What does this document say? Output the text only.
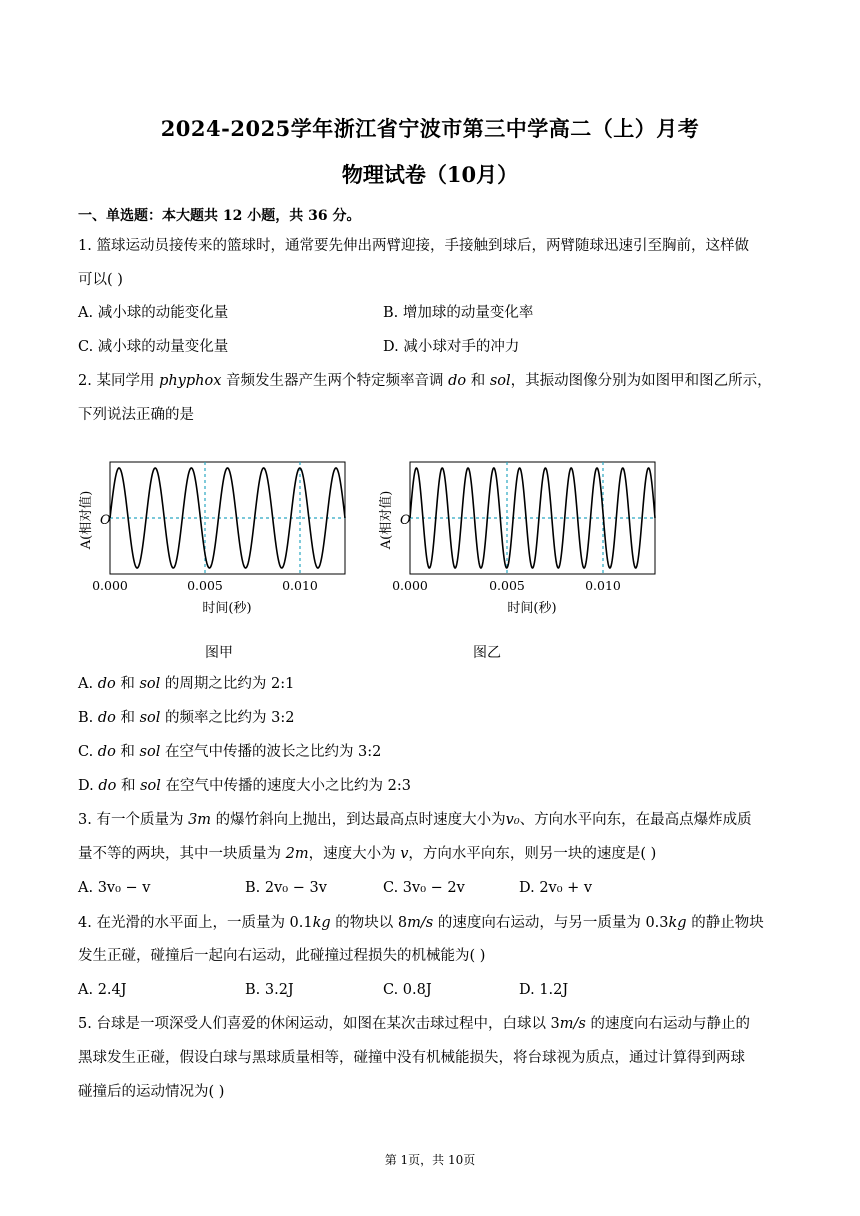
2024-2025学年浙江省宁波市第三中学高二（上）月考
物理试卷（10月）
一、单选题：本大题共 12 小题，共 36 分。
1. 篮球运动员接传来的篮球时，通常要先伸出两臂迎接，手接触到球后，两臂随球迅速引至胸前，这样做
可以( )
A. 减小球的动能变化量	B. 增加球的动量变化率
C. 减小球的动量变化量	D. 减小球对手的冲力
2. 某同学用 phyphox 音频发生器产生两个特定频率音调 do 和 sol，其振动图像分别为如图甲和图乙所示，
下列说法正确的是
A(相对值) O
0.000	0.005	0.010
时间(秒)
图甲
A(相对值) O
0.000	0.005	0.010
时间(秒)
图乙
A. do 和 sol 的周期之比约为 2:1
B. do 和 sol 的频率之比约为 3:2
C. do 和 sol 在空气中传播的波长之比约为 3:2
D. do 和 sol 在空气中传播的速度大小之比约为 2:3
3. 有一个质量为 3m 的爆竹斜向上抛出，到达最高点时速度大小为v₀、方向水平向东，在最高点爆炸成质
量不等的两块，其中一块质量为 2m，速度大小为 v，方向水平向东，则另一块的速度是( )
A. 3v₀ − v	B. 2v₀ − 3v	C. 3v₀ − 2v	D. 2v₀ + v
4. 在光滑的水平面上，一质量为 0.1kg 的物块以 8m/s 的速度向右运动，与另一质量为 0.3kg 的静止物块
发生正碰，碰撞后一起向右运动，此碰撞过程损失的机械能为( )
A. 2.4J	B. 3.2J	C. 0.8J	D. 1.2J
5. 台球是一项深受人们喜爱的休闲运动，如图在某次击球过程中，白球以 3m/s 的速度向右运动与静止的
黑球发生正碰，假设白球与黑球质量相等，碰撞中没有机械能损失，将台球视为质点，通过计算得到两球
碰撞后的运动情况为( )
第 1页，共 10页
